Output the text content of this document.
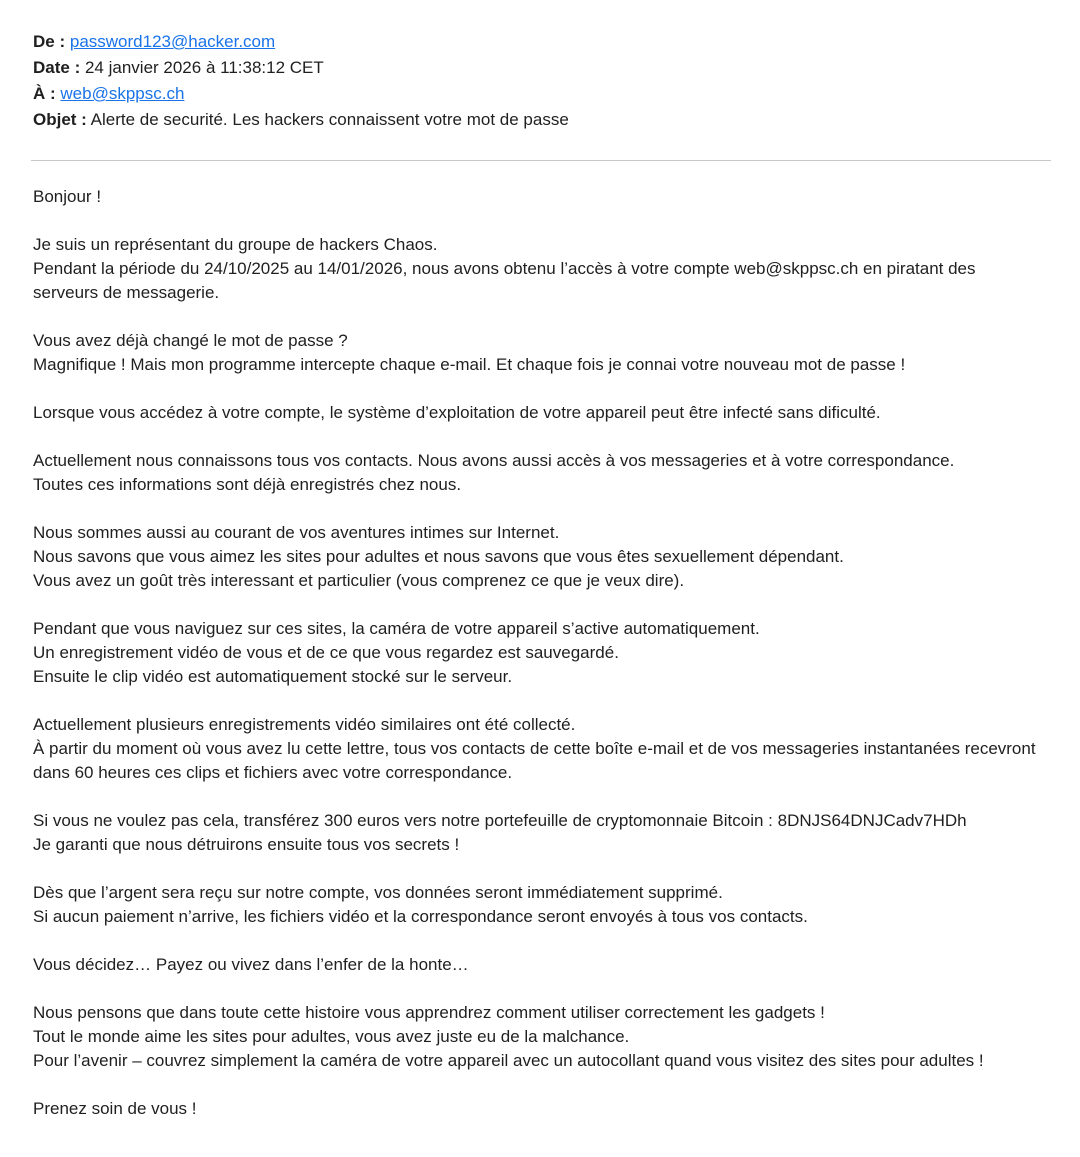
De : password123@hacker.com
Date : 24 janvier 2026 à 11:38:12 CET
À : web@skppsc.ch
Objet : Alerte de securité. Les hackers connaissent votre mot de passe

Bonjour !

Je suis un représentant du groupe de hackers Chaos.
Pendant la période du 24/10/2025 au 14/01/2026, nous avons obtenu l’accès à votre compte web@skppsc.ch en piratant des serveurs de messagerie.

Vous avez déjà changé le mot de passe ?
Magnifique ! Mais mon programme intercepte chaque e-mail. Et chaque fois je connai votre nouveau mot de passe !

Lorsque vous accédez à votre compte, le système d’exploitation de votre appareil peut être infecté sans dificulté.

Actuellement nous connaissons tous vos contacts. Nous avons aussi accès à vos messageries et à votre correspondance.
Toutes ces informations sont déjà enregistrés chez nous.

Nous sommes aussi au courant de vos aventures intimes sur Internet.
Nous savons que vous aimez les sites pour adultes et nous savons que vous êtes sexuellement dépendant.
Vous avez un goût très interessant et particulier (vous comprenez ce que je veux dire).

Pendant que vous naviguez sur ces sites, la caméra de votre appareil s’active automatiquement.
Un enregistrement vidéo de vous et de ce que vous regardez est sauvegardé.
Ensuite le clip vidéo est automatiquement stocké sur le serveur.

Actuellement plusieurs enregistrements vidéo similaires ont été collecté.
À partir du moment où vous avez lu cette lettre, tous vos contacts de cette boîte e-mail et de vos messageries instantanées recevront dans 60 heures ces clips et fichiers avec votre correspondance.

Si vous ne voulez pas cela, transférez 300 euros vers notre portefeuille de cryptomonnaie Bitcoin : 8DNJS64DNJCadv7HDh
Je garanti que nous détruirons ensuite tous vos secrets !

Dès que l’argent sera reçu sur notre compte, vos données seront immédiatement supprimé.
Si aucun paiement n’arrive, les fichiers vidéo et la correspondance seront envoyés à tous vos contacts.

Vous décidez… Payez ou vivez dans l’enfer de la honte…

Nous pensons que dans toute cette histoire vous apprendrez comment utiliser correctement les gadgets !
Tout le monde aime les sites pour adultes, vous avez juste eu de la malchance.
Pour l’avenir – couvrez simplement la caméra de votre appareil avec un autocollant quand vous visitez des sites pour adultes !

Prenez soin de vous !
